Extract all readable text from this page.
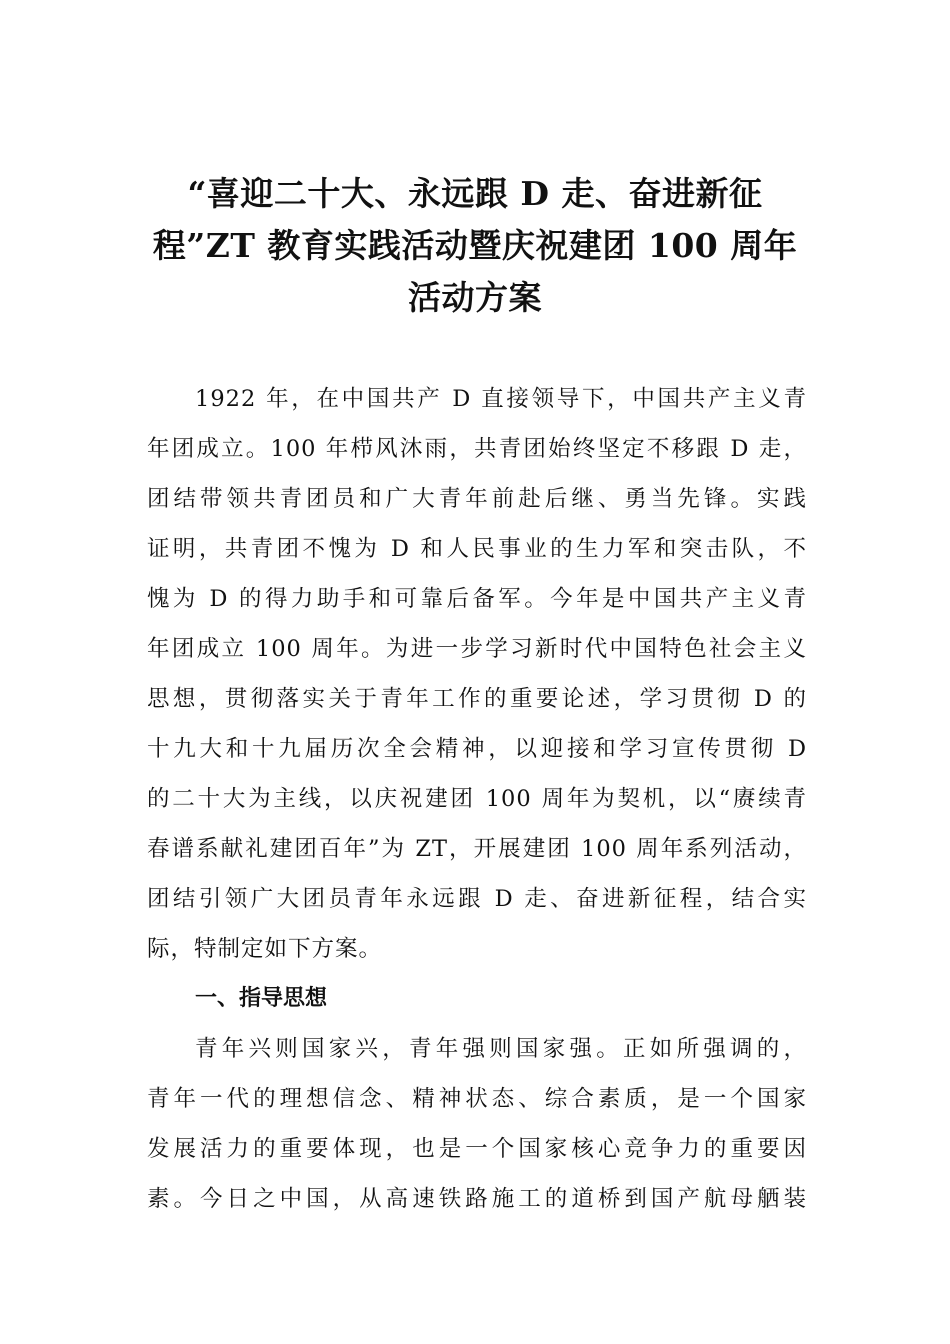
“喜迎二十大、永远跟 D 走、奋进新征
程”ZT 教育实践活动暨庆祝建团 100 周年
活动方案
1922 年，在中国共产 D 直接领导下，中国共产主义青
年团成立。100 年栉风沐雨，共青团始终坚定不移跟 D 走，
团结带领共青团员和广大青年前赴后继、勇当先锋。实践
证明，共青团不愧为 D 和人民事业的生力军和突击队，不
愧为 D 的得力助手和可靠后备军。今年是中国共产主义青
年团成立 100 周年。为进一步学习新时代中国特色社会主义
思想，贯彻落实关于青年工作的重要论述，学习贯彻 D 的
十九大和十九届历次全会精神，以迎接和学习宣传贯彻 D
的二十大为主线，以庆祝建团 100 周年为契机，以“赓续青
春谱系献礼建团百年”为 ZT，开展建团 100 周年系列活动，
团结引领广大团员青年永远跟 D 走、奋进新征程，结合实
际，特制定如下方案。
一、指导思想
青年兴则国家兴，青年强则国家强。正如所强调的，
青年一代的理想信念、精神状态、综合素质，是一个国家
发展活力的重要体现，也是一个国家核心竞争力的重要因
素。今日之中国，从高速铁路施工的道桥到国产航母舾装
